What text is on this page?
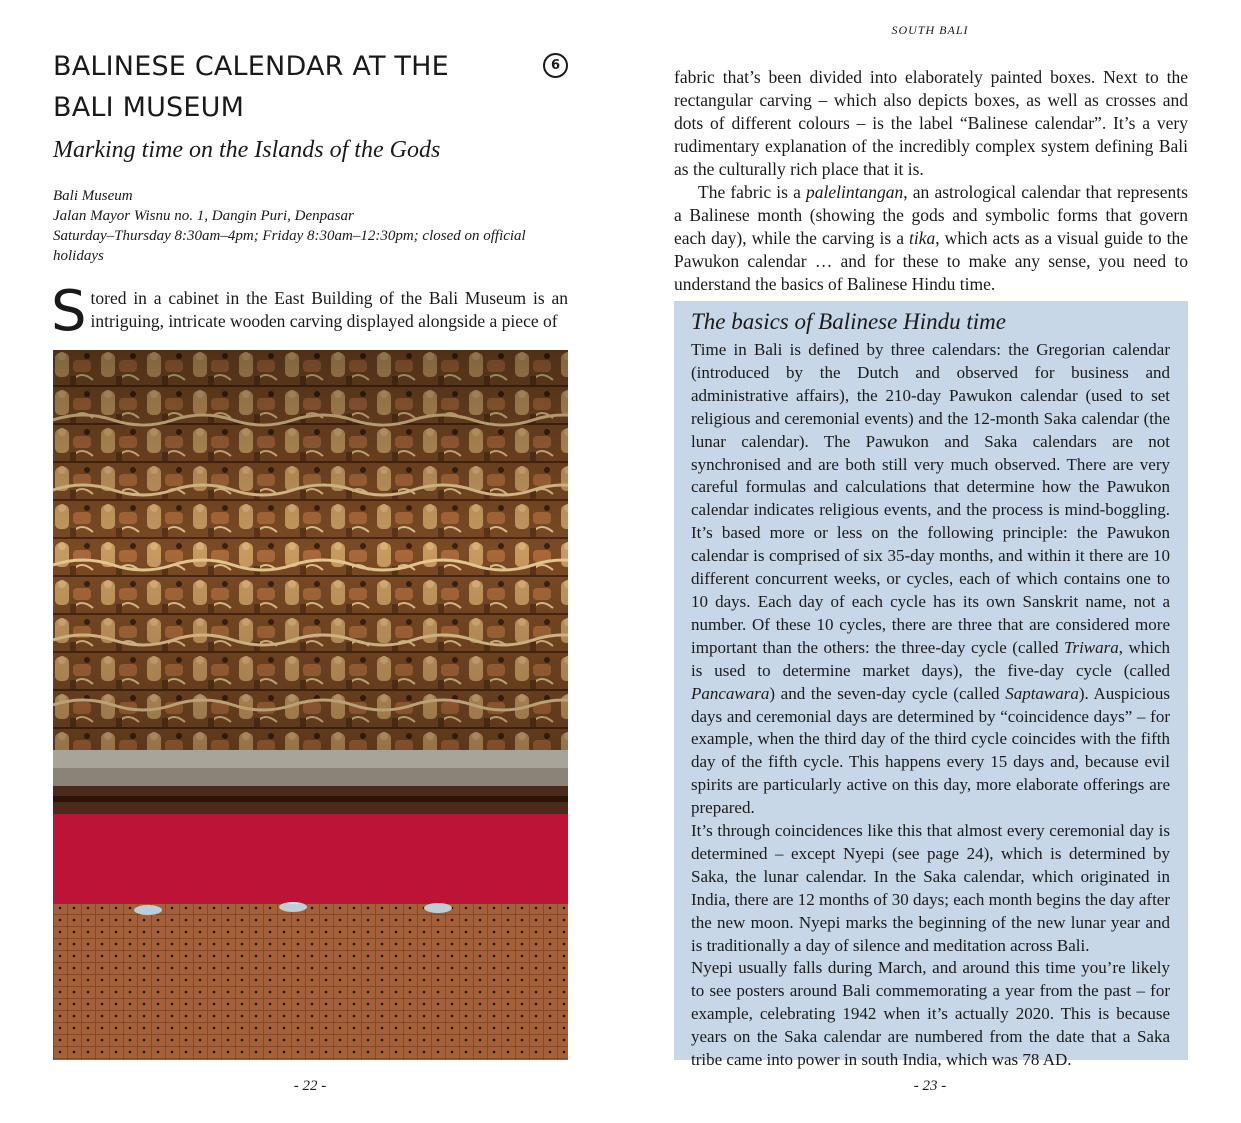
BALINESE CALENDAR AT THE
BALI MUSEUM
6
Marking time on the Islands of the Gods
Bali Museum
Jalan Mayor Wisnu no. 1, Dangin Puri, Denpasar
Saturday–Thursday 8:30am–4pm; Friday 8:30am–12:30pm; closed on official holidays
Stored in a cabinet in the East Building of the Bali Museum is an intriguing, intricate wooden carving displayed alongside a piece of
- 22 -
SOUTH BALI

fabric that’s been divided into elaborately painted boxes. Next to the rectangular carving – which also depicts boxes, as well as crosses and dots of different colours – is the label “Balinese calendar”. It’s a very rudimentary explanation of the incredibly complex system defining Bali as the culturally rich place that it is.

The fabric is a palelintangan, an astrological calendar that represents a Balinese month (showing the gods and symbolic forms that govern each day), while the carving is a tika, which acts as a visual guide to the Pawukon calendar … and for these to make any sense, you need to understand the basics of Balinese Hindu time.

The basics of Balinese Hindu time

Time in Bali is defined by three calendars: the Gregorian calendar (introduced by the Dutch and observed for business and administrative affairs), the 210-day Pawukon calendar (used to set religious and ceremonial events) and the 12-month Saka calendar (the lunar calendar). The Pawukon and Saka calendars are not synchronised and are both still very much observed. There are very careful formulas and calculations that determine how the Pawukon calendar indicates religious events, and the process is mind-boggling. It’s based more or less on the following principle: the Pawukon calendar is comprised of six 35-day months, and within it there are 10 different concurrent weeks, or cycles, each of which contains one to 10 days. Each day of each cycle has its own Sanskrit name, not a number. Of these 10 cycles, there are three that are considered more important than the others: the three-day cycle (called Triwara, which is used to determine market days), the five-day cycle (called Pancawara) and the seven-day cycle (called Saptawara). Auspicious days and ceremonial days are determined by “coincidence days” – for example, when the third day of the third cycle coincides with the fifth day of the fifth cycle. This happens every 15 days and, because evil spirits are particularly active on this day, more elaborate offerings are prepared.

It’s through coincidences like this that almost every ceremonial day is determined – except Nyepi (see page 24), which is determined by Saka, the lunar calendar. In the Saka calendar, which originated in India, there are 12 months of 30 days; each month begins the day after the new moon. Nyepi marks the beginning of the new lunar year and is traditionally a day of silence and meditation across Bali.

Nyepi usually falls during March, and around this time you’re likely to see posters around Bali commemorating a year from the past – for example, celebrating 1942 when it’s actually 2020. This is because years on the Saka calendar are numbered from the date that a Saka tribe came into power in south India, which was 78 AD.

- 23 -
